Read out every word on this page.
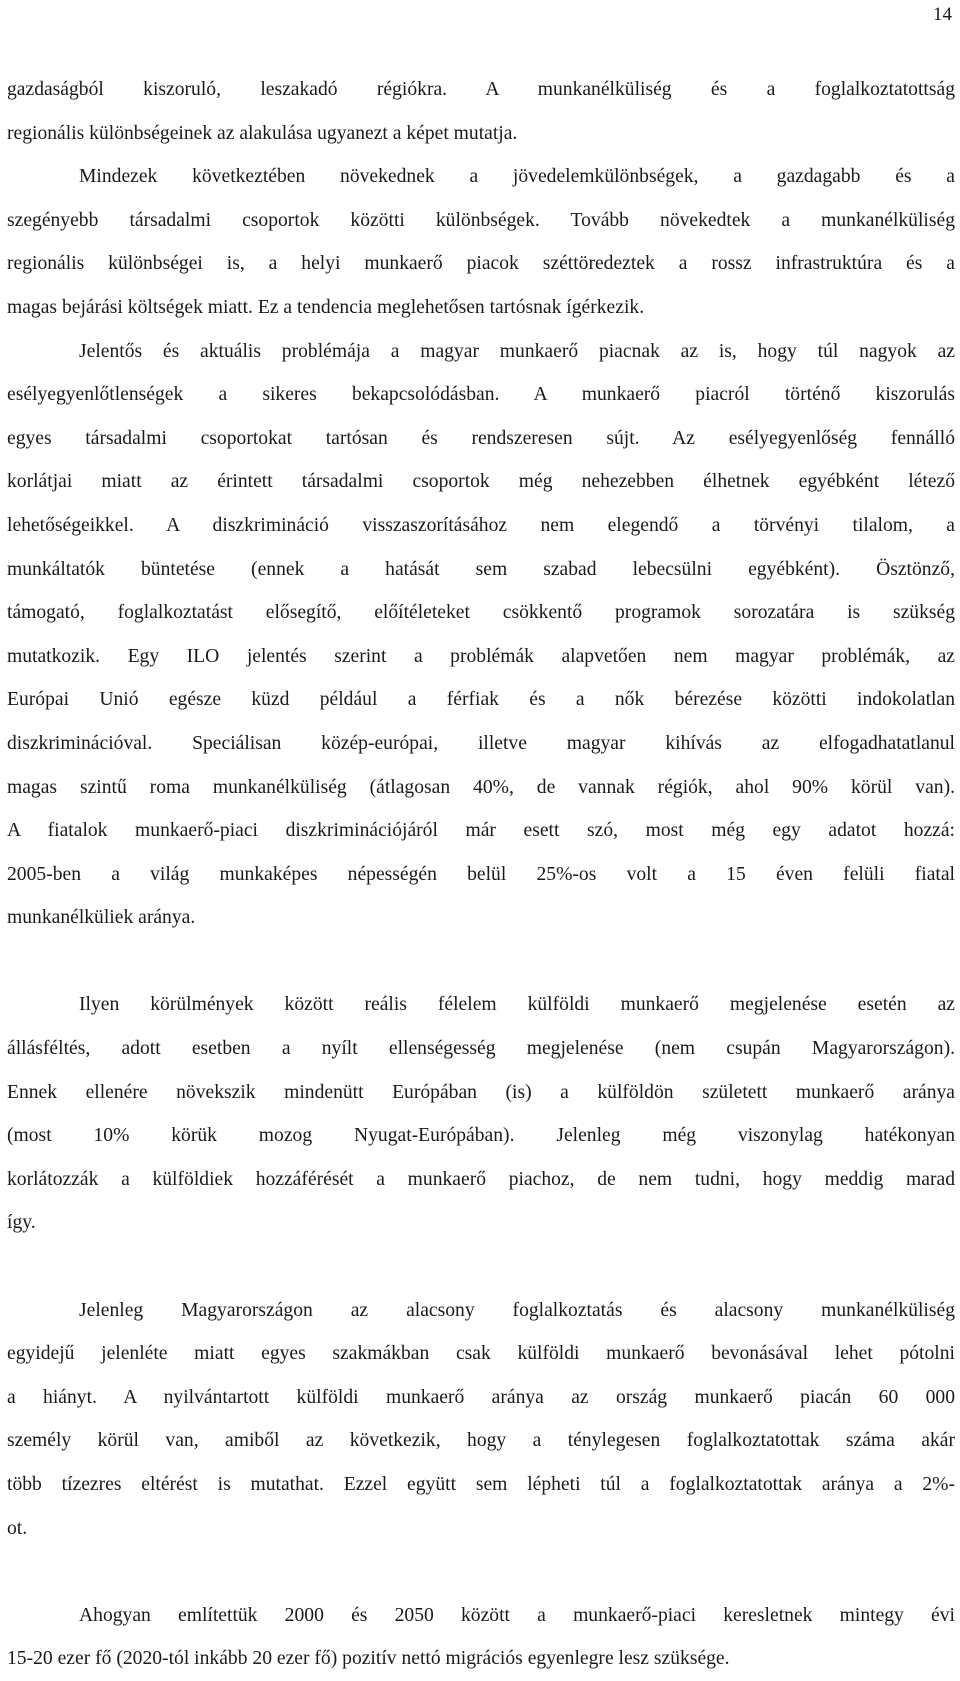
14
gazdaságból kiszoruló, leszakadó régiókra. A munkanélküliség és a foglalkoztatottság
regionális különbségeinek az alakulása ugyanezt a képet mutatja.
Mindezek következtében növekednek a jövedelemkülönbségek, a gazdagabb és a
szegényebb társadalmi csoportok közötti különbségek. Tovább növekedtek a munkanélküliség
regionális különbségei is, a helyi munkaerő piacok széttöredeztek a rossz infrastruktúra és a
magas bejárási költségek miatt. Ez a tendencia meglehetősen tartósnak ígérkezik.
Jelentős és aktuális problémája a magyar munkaerő piacnak az is, hogy túl nagyok az
esélyegyenlőtlenségek a sikeres bekapcsolódásban. A munkaerő piacról történő kiszorulás
egyes társadalmi csoportokat tartósan és rendszeresen sújt. Az esélyegyenlőség fennálló
korlátjai miatt az érintett társadalmi csoportok még nehezebben élhetnek egyébként létező
lehetőségeikkel. A diszkrimináció visszaszorításához nem elegendő a törvényi tilalom, a
munkáltatók büntetése (ennek a hatását sem szabad lebecsülni egyébként). Ösztönző,
támogató, foglalkoztatást elősegítő, előítéleteket csökkentő programok sorozatára is szükség
mutatkozik. Egy ILO jelentés szerint a problémák alapvetően nem magyar problémák, az
Európai Unió egésze küzd például a férfiak és a nők bérezése közötti indokolatlan
diszkriminációval. Speciálisan közép-európai, illetve magyar kihívás az elfogadhatatlanul
magas szintű roma munkanélküliség (átlagosan 40%, de vannak régiók, ahol 90% körül van).
A fiatalok munkaerő-piaci diszkriminációjáról már esett szó, most még egy adatot hozzá:
2005-ben a világ munkaképes népességén belül 25%-os volt a 15 éven felüli fiatal
munkanélküliek aránya.
Ilyen körülmények között reális félelem külföldi munkaerő megjelenése esetén az
állásféltés, adott esetben a nyílt ellenségesség megjelenése (nem csupán Magyarországon).
Ennek ellenére növekszik mindenütt Európában (is) a külföldön született munkaerő aránya
(most 10% körük mozog Nyugat-Európában). Jelenleg még viszonylag hatékonyan
korlátozzák a külföldiek hozzáférését a munkaerő piachoz, de nem tudni, hogy meddig marad
így.
Jelenleg Magyarországon az alacsony foglalkoztatás és alacsony munkanélküliség
egyidejű jelenléte miatt egyes szakmákban csak külföldi munkaerő bevonásával lehet pótolni
a hiányt. A nyilvántartott külföldi munkaerő aránya az ország munkaerő piacán 60 000
személy körül van, amiből az következik, hogy a ténylegesen foglalkoztatottak száma akár
több tízezres eltérést is mutathat. Ezzel együtt sem lépheti túl a foglalkoztatottak aránya a 2%-
ot.
Ahogyan említettük 2000 és 2050 között a munkaerő-piaci keresletnek mintegy évi
15-20 ezer fő (2020-tól inkább 20 ezer fő) pozitív nettó migrációs egyenlegre lesz szüksége.
